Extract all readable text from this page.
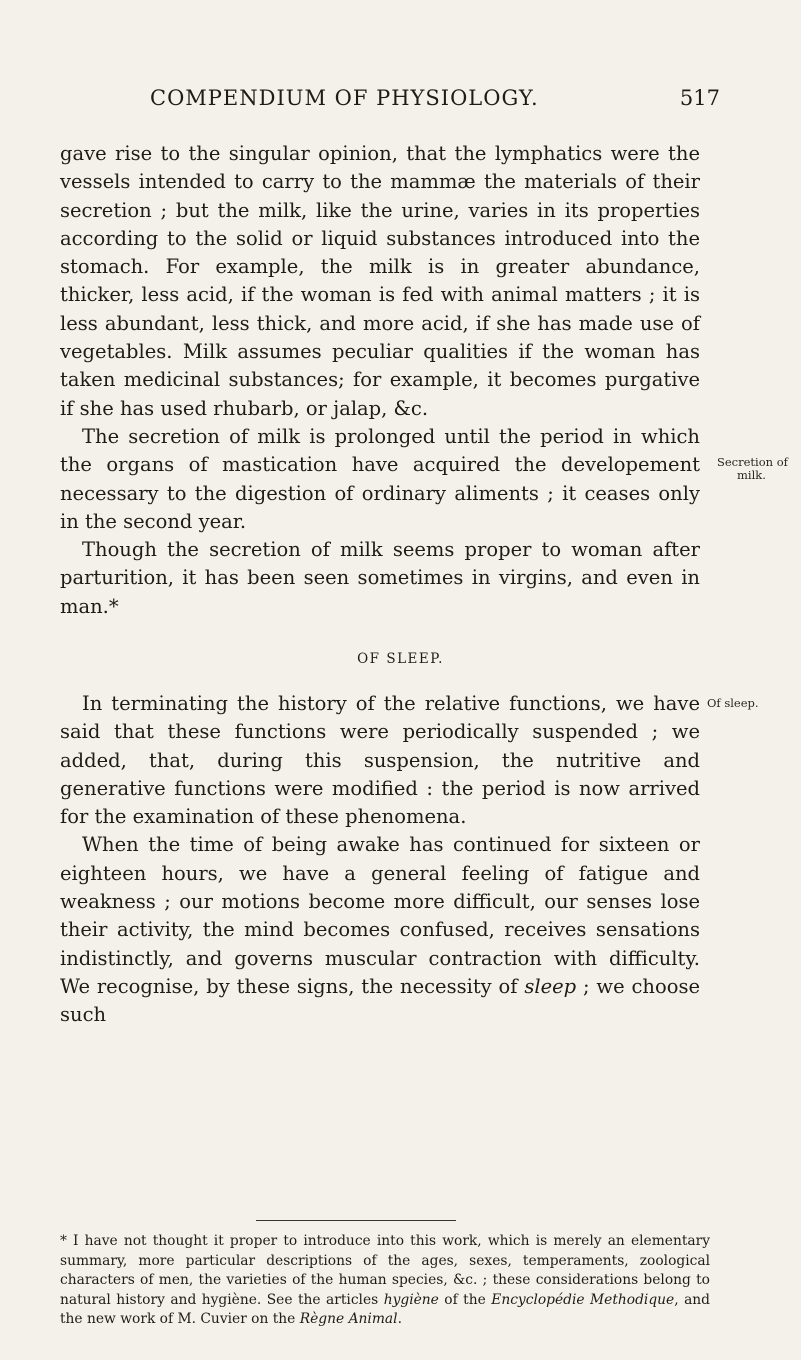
COMPENDIUM OF PHYSIOLOGY.	517

gave rise to the singular opinion, that the lymphatics were the vessels intended to carry to the mammæ the materials of their secretion ; but the milk, like the urine, varies in its properties according to the solid or liquid substances introduced into the stomach. For example, the milk is in greater abundance, thicker, less acid, if the woman is fed with animal matters ; it is less abundant, less thick, and more acid, if she has made use of vegetables. Milk assumes peculiar qualities if the woman has taken medicinal substances; for example, it becomes purgative if she has used rhubarb, or jalap, &c.

The secretion of milk is prolonged until the period in which the organs of mastication have acquired the developement necessary to the digestion of ordinary aliments ; it ceases only in the second year.

Though the secretion of milk seems proper to woman after parturition, it has been seen sometimes in virgins, and even in man.*

Secretion of
milk.
OF SLEEP.
Of sleep.

In terminating the history of the relative functions, we have said that these functions were periodically suspended ; we added, that, during this suspension, the nutritive and generative functions were modified : the period is now arrived for the examination of these phenomena.

When the time of being awake has continued for sixteen or eighteen hours, we have a general feeling of fatigue and weakness ; our motions become more difficult, our senses lose their activity, the mind becomes confused, receives sensations indistinctly, and governs muscular contraction with difficulty. We recognise, by these signs, the necessity of sleep ; we choose such

* I have not thought it proper to introduce into this work, which is merely an elementary summary, more particular descriptions of the ages, sexes, temperaments, zoological characters of men, the varieties of the human species, &c. ; these considerations belong to natural history and hygiène. See the articles hygiène of the Encyclopédie Methodique, and the new work of M. Cuvier on the Règne Animal.
